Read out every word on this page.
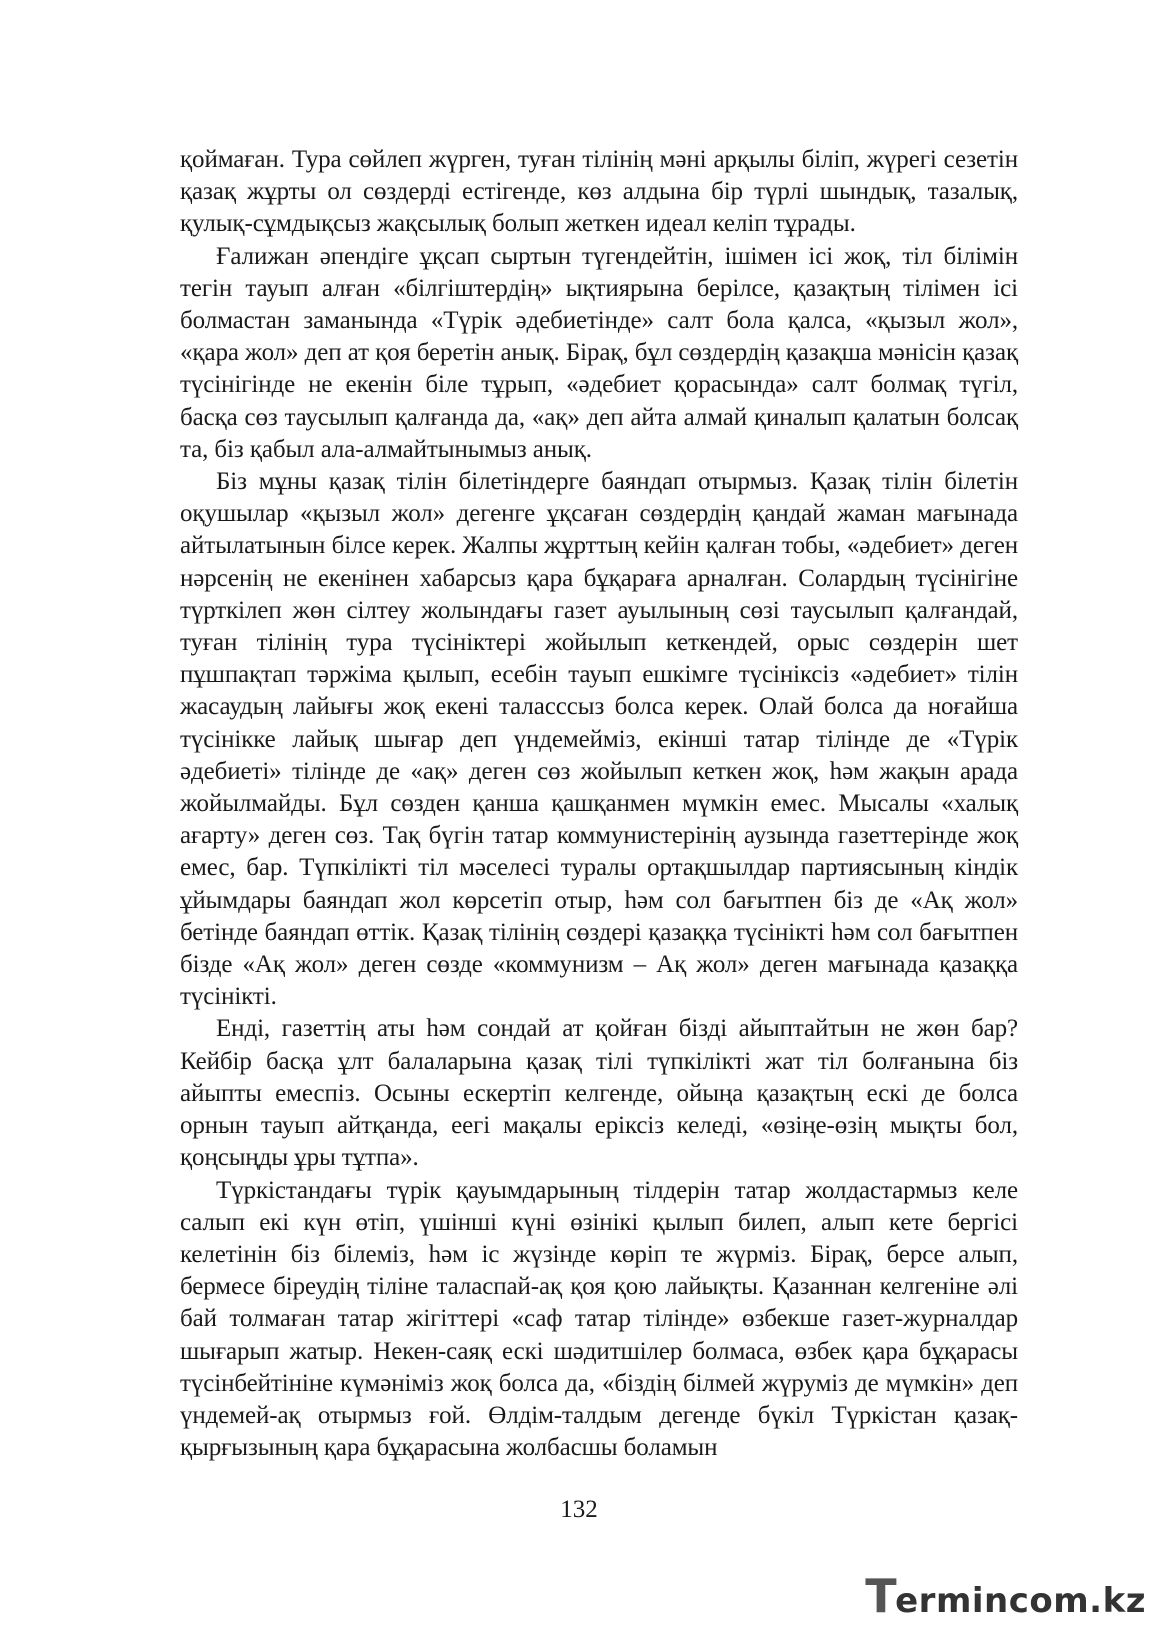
қоймаған. Тура сөйлеп жүрген, туған тілінің мәні арқылы біліп, жүрегі сезетін қазақ жұрты ол сөздерді естігенде, көз алдына бір түрлі шындық, тазалық, қулық-сұмдықсыз жақсылық болып жеткен идеал келіп тұрады.

Ғалижан әпендіге ұқсап сыртын түгендейтін, ішімен ісі жоқ, тіл білімін тегін тауып алған «білгіштердің» ықтиярына берілсе, қазақтың тілімен ісі болмастан заманында «Түрік әдебиетінде» салт бола қалса, «қызыл жол», «қара жол» деп ат қоя беретін анық. Бірақ, бұл сөздердің қазақша мәнісін қазақ түсінігінде не екенін біле тұрып, «әдебиет қорасында» салт болмақ түгіл, басқа сөз таусылып қалғанда да, «ақ» деп айта алмай қиналып қалатын болсақ та, біз қабыл ала-алмайтынымыз анық.

Біз мұны қазақ тілін білетіндерге баяндап отырмыз. Қазақ тілін білетін оқушылар «қызыл жол» дегенге ұқсаған сөздердің қандай жаман мағынада айтылатынын білсе керек. Жалпы жұрттың кейін қалған тобы, «әдебиет» деген нәрсенің не екенінен хабарсыз қара бұқараға арналған. Солардың түсінігіне түрткілеп жөн сілтеу жолындағы газет ауылының сөзі таусылып қалғандай, туған тілінің тура түсініктері жойылып кеткендей, орыс сөздерін шет пұшпақтап тәржіма қылып, есебін тауып ешкімге түсініксіз «әдебиет» тілін жасаудың лайығы жоқ екені таласссыз болса керек. Олай болса да ноғайша түсінікке лайық шығар деп үндемейміз, екінші татар тілінде де «Түрік әдебиеті» тілінде де «ақ» деген сөз жойылып кеткен жоқ, һәм жақын арада жойылмайды. Бұл сөзден қанша қашқанмен мүмкін емес. Мысалы «халық ағарту» деген сөз. Тақ бүгін татар коммунистерінің аузында газеттерінде жоқ емес, бар. Түпкілікті тіл мәселесі туралы ортақшылдар партиясының кіндік ұйымдары баяндап жол көрсетіп отыр, һәм сол бағытпен біз де «Ақ жол» бетінде баяндап өттік. Қазақ тілінің сөздері қазаққа түсінікті һәм сол бағытпен бізде «Ақ жол» деген сөзде «коммунизм – Ақ жол» деген мағынада қазаққа түсінікті.

Енді, газеттің аты һәм сондай ат қойған бізді айыптайтын не жөн бар? Кейбір басқа ұлт балаларына қазақ тілі түпкілікті жат тіл болғанына біз айыпты емеспіз. Осыны ескертіп келгенде, ойыңа қазақтың ескі де болса орнын тауып айтқанда, еегі мақалы еріксіз келеді, «өзіңе-өзің мықты бол, қоңсыңды ұры тұтпа».

Түркістандағы түрік қауымдарының тілдерін татар жолдастармыз келе салып екі күн өтіп, үшінші күні өзінікі қылып билеп, алып кете бергісі келетінін біз білеміз, һәм іс жүзінде көріп те жүрміз. Бірақ, берсе алып, бермесе біреудің тіліне таласпай-ақ қоя қою лайықты. Қазаннан келгеніне әлі бай толмаған татар жігіттері «саф татар тілінде» өзбекше газет-журналдар шығарып жатыр. Некен-саяқ ескі шәдитшілер болмаса, өзбек қара бұқарасы түсінбейтініне күмәніміз жоқ болса да, «біздің білмей жүруміз де мүмкін» деп үндемей-ақ отырмыз ғой. Өлдім-талдым дегенде бүкіл Түркістан қазақ-қырғызының қара бұқарасына жолбасшы боламын

132
Termincom.kz
